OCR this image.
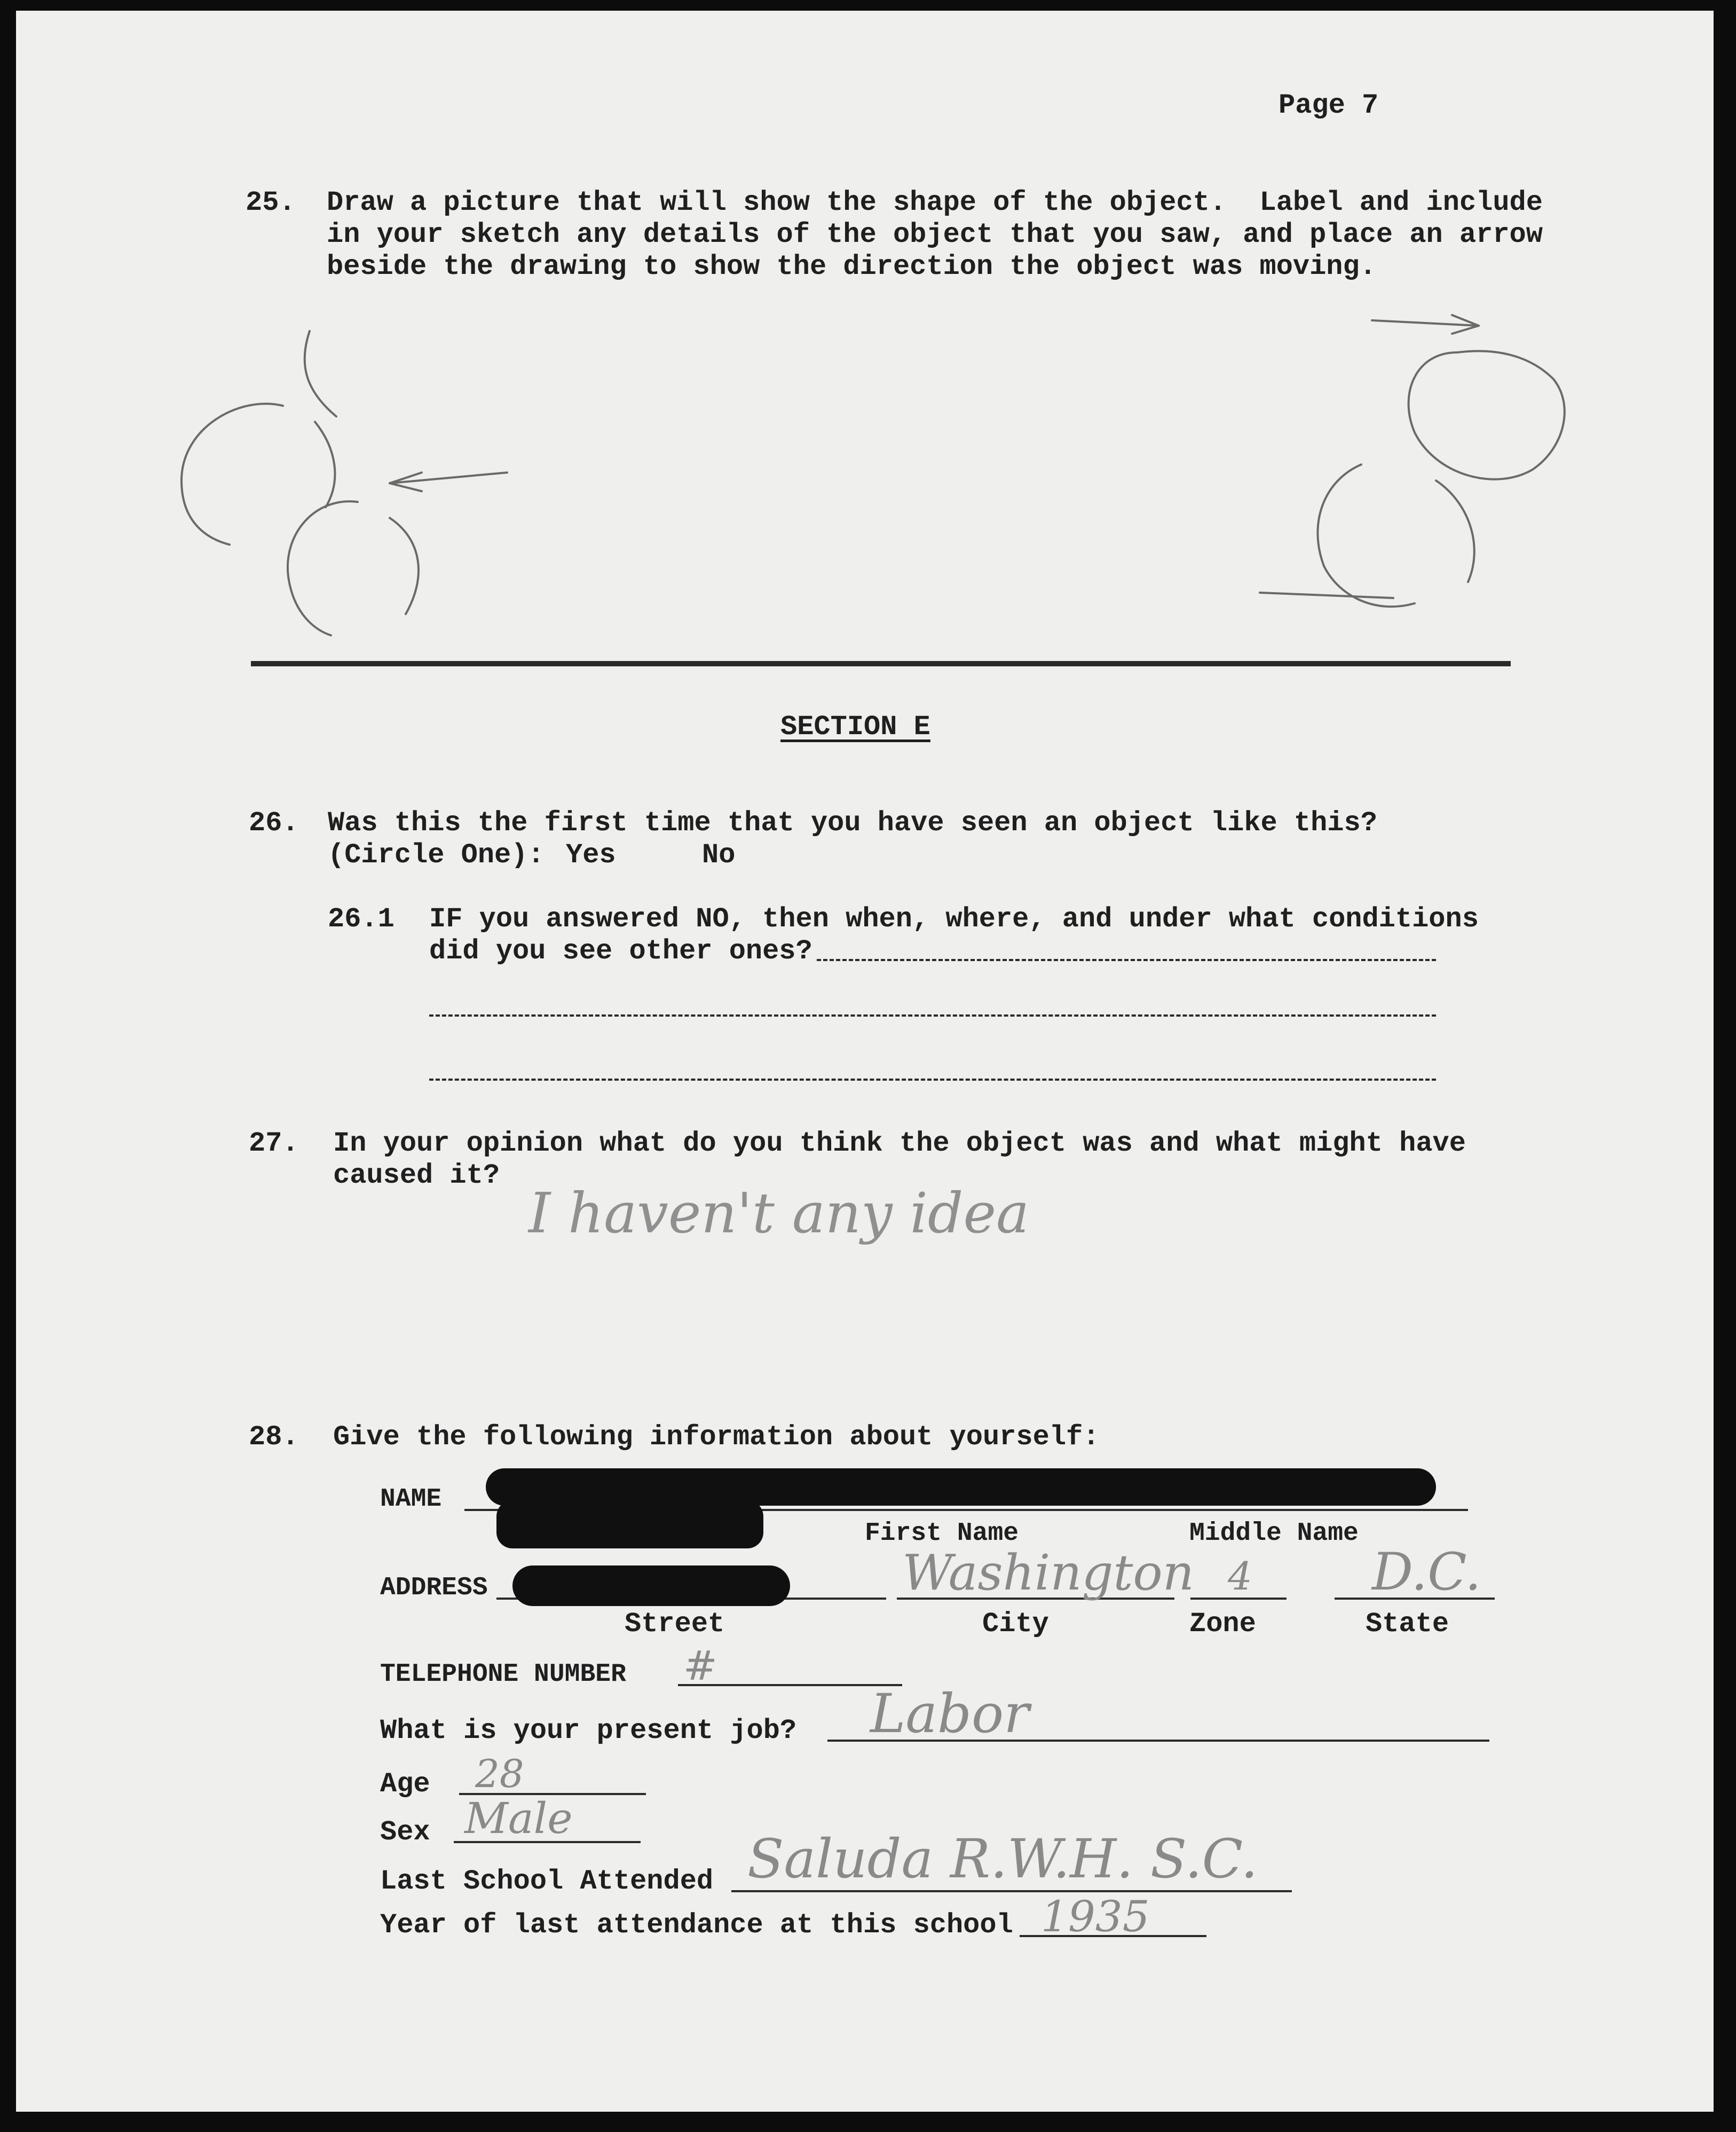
Page 7
25. Draw a picture that will show the shape of the object.  Label and include
in your sketch any details of the object that you saw, and place an arrow
beside the drawing to show the direction the object was moving.
SECTION E
26. Was this the first time that you have seen an object like this?
(Circle One): Yes	No
26.1 IF you answered NO, then when, where, and under what conditions
did you see other ones?
27. In your opinion what do you think the object was and what might have
caused it?
I haven't any idea
28. Give the following information about yourself:
NAME
First Name	Middle Name
ADDRESS
Street
Washington
City
4
Zone
D.C.
State
TELEPHONE NUMBER #
What is your present job? Labor
Age 28
Sex Male
Last School Attended Saluda R.W.H. S.C.
Year of last attendance at this school 1935
